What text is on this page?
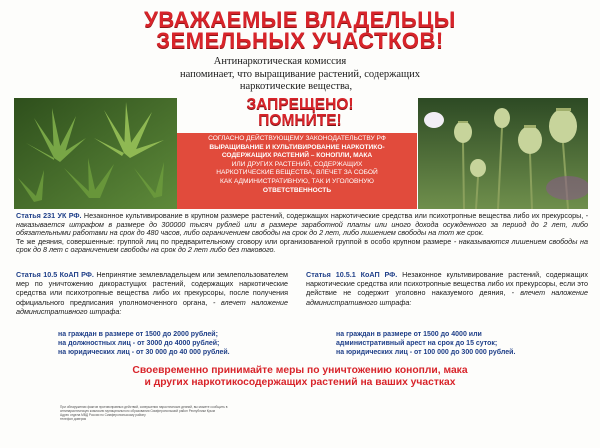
УВАЖАЕМЫЕ ВЛАДЕЛЬЦЫ
ЗЕМЕЛЬНЫХ УЧАСТКОВ!
Антинаркотическая комиссия
напоминает, что выращивание растений, содержащих
наркотические вещества,
ЗАПРЕЩЕНО!
ПОМНИТЕ!
СОГЛАСНО ДЕЙСТВУЮЩЕМУ ЗАКОНОДАТЕЛЬСТВУ РФ
ВЫРАЩИВАНИЕ И КУЛЬТИВИРОВАНИЕ НАРКОТИКО-
СОДЕРЖАЩИХ РАСТЕНИЙ – КОНОПЛИ, МАКА
ИЛИ ДРУГИХ РАСТЕНИЙ, СОДЕРЖАЩИХ
НАРКОТИЧЕСКИЕ ВЕЩЕСТВА, ВЛЕЧЕТ ЗА СОБОЙ
КАК АДМИНИСТРАТИВНУЮ, ТАК И УГОЛОВНУЮ
ОТВЕТСТВЕННОСТЬ
Статья 231 УК РФ. Незаконное культивирование в крупном размере растений, содержащих наркотические средства или психотропные вещества либо их прекурсоры, - наказывается штрафом в размере до 300000 тысяч рублей или в размере заработной платы или иного дохода осужденного за период до 2 лет, либо обязательными работами на срок до 480 часов, либо ограничением свободы на срок до 2 лет, либо лишением свободы на тот же срок.
Те же деяния, совершенные: группой лиц по предварительному сговору или организованной группой в особо крупном размере - наказываются лишением свободы на срок до 8 лет с ограничением свободы на срок до 2 лет либо без такового.
Статья 10.5 КоАП РФ. Непринятие землевладельцем или землепользователем мер по уничтожению дикорастущих растений, содержащих наркотические средства или психотропные вещества либо их прекурсоры, после получения официального предписания уполномоченного органа, - влечет наложение административного штрафа:
на граждан в размере от 1500 до 2000 рублей;
на должностных лиц - от 3000 до 4000 рублей;
на юридических лиц - от 30 000 до 40 000 рублей.
Статья 10.5.1 КоАП РФ. Незаконное культивирование растений, содержащих наркотические средства или психотропные вещества либо их прекурсоры, если это действие не содержит уголовно наказуемого деяния, - влечет наложение административного штрафа:
на граждан в размере от 1500 до 4000 или
административный арест на срок до 15 суток;
на юридических лиц - от 100 000 до 300 000 рублей.
Своевременно принимайте меры по уничтожению конопли, мака
и других наркотикосодержащих растений на ваших участках
При обнаружении фактов противоправных действий, совершения наркотических деяний, вы можете сообщить в
антинаркотическую комиссию муниципального образования Симферопольский район Республики Крым
Адрес отдела МВД России по Симферопольскому району
телефон доверия
